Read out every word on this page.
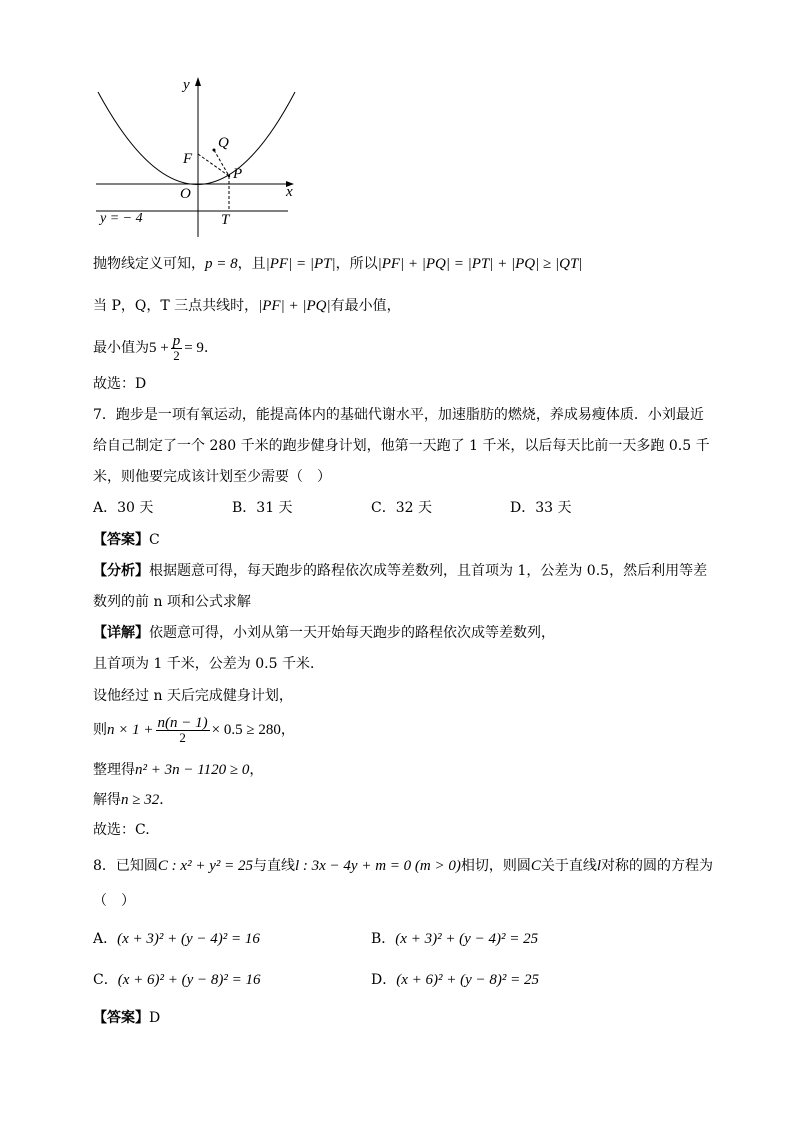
y
x
O
F
Q
P
T
y = − 4
抛物线定义可知，p = 8，且|PF| = |PT|，所以|PF| + |PQ| = |PT| + |PQ| ≥ |QT|
当 P，Q，T 三点共线时，|PF| + |PQ|有最小值，
最小值为$5 + \frac{p}{2} = 9$．
故选：D
7．跑步是一项有氧运动，能提高体内的基础代谢水平，加速脂肪的燃烧，养成易瘦体质．小刘最近
给自己制定了一个 280 千米的跑步健身计划，他第一天跑了 1 千米，以后每天比前一天多跑 0.5 千
米，则他要完成该计划至少需要（　）
A．30 天	B．31 天	C．32 天	D．33 天
【答案】C
【分析】根据题意可得，每天跑步的路程依次成等差数列，且首项为 1，公差为 0.5，然后利用等差
数列的前 n 项和公式求解
【详解】依题意可得，小刘从第一天开始每天跑步的路程依次成等差数列，
且首项为 1 千米，公差为 0.5 千米．
设他经过 n 天后完成健身计划，
则$n \times 1 + \frac{n(n - 1)}{2} \times 0.5 \ge 280$，
整理得n² + 3n − 1120 ≥ 0，
解得n ≥ 32．
故选：C.
8．已知圆C : x² + y² = 25与直线l : 3x − 4y + m = 0 (m > 0)相切，则圆C关于直线l对称的圆的方程为
（　）
A．(x + 3)² + (y − 4)² = 16	B．(x + 3)² + (y − 4)² = 25
C．(x + 6)² + (y − 8)² = 16	D．(x + 6)² + (y − 8)² = 25
【答案】D
